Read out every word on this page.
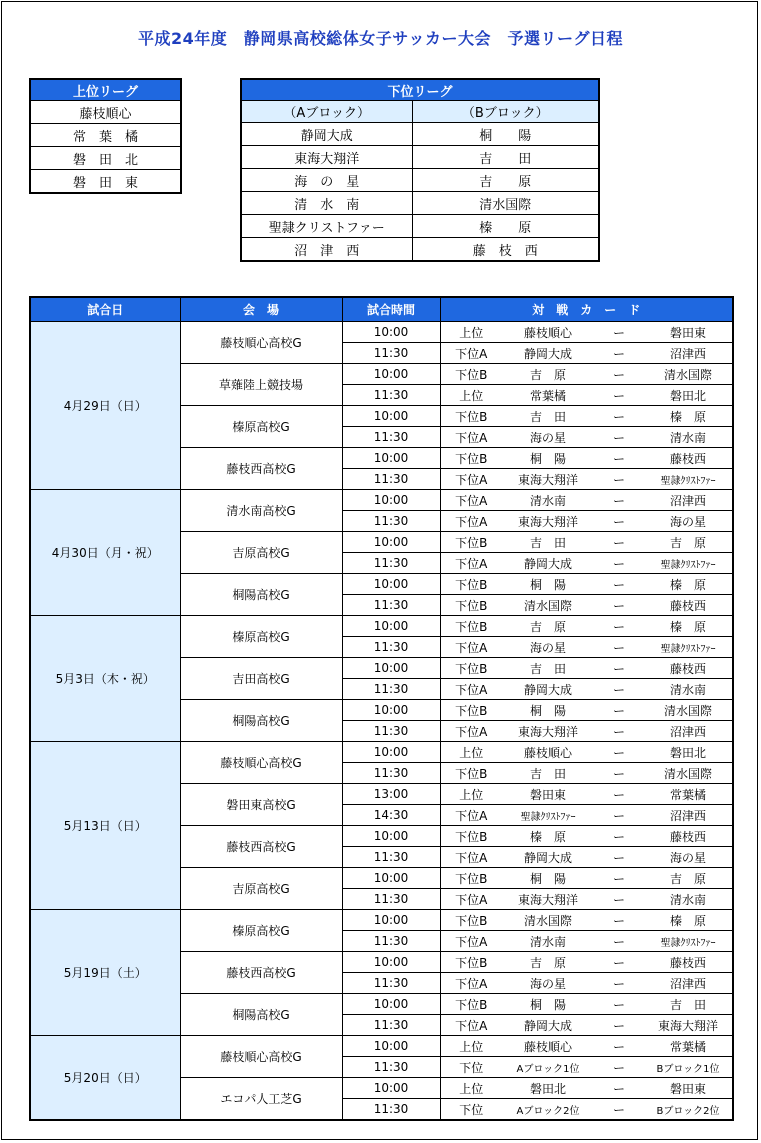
平成24年度　静岡県高校総体女子サッカー大会　予選リーグ日程
上位リーグ
藤枝順心
常　葉　橘
磐　田　北
磐　田　東
下位リーグ	
（Aブロック）	（Bブロック）
静岡大成	桐　　陽
東海大翔洋	吉　　田
海　の　星	吉　　原
清　水　南	清水国際
聖隷クリストファー	榛　　原
沼　津　西	藤　枝　西
試合日	会　場	試合時間	対　戦　カ　ー　ド			
4月29日（日）	藤枝順心高校G	10:00	上位	藤枝順心	ー	磐田東
		11:30	下位A	静岡大成	ー	沼津西
	草薙陸上競技場	10:00	下位B	吉　原	ー	清水国際
		11:30	上位	常葉橘	ー	磐田北
	榛原高校G	10:00	下位B	吉　田	ー	榛　原
		11:30	下位A	海の星	ー	清水南
	藤枝西高校G	10:00	下位B	桐　陽	ー	藤枝西
		11:30	下位A	東海大翔洋	ー	聖隷ｸﾘｽﾄﾌｧｰ
4月30日（月・祝）	清水南高校G	10:00	下位A	清水南	ー	沼津西
		11:30	下位A	東海大翔洋	ー	海の星
	吉原高校G	10:00	下位B	吉　田	ー	吉　原
		11:30	下位A	静岡大成	ー	聖隷ｸﾘｽﾄﾌｧｰ
	桐陽高校G	10:00	下位B	桐　陽	ー	榛　原
		11:30	下位B	清水国際	ー	藤枝西
5月3日（木・祝）	榛原高校G	10:00	下位B	吉　原	ー	榛　原
		11:30	下位A	海の星	ー	聖隷ｸﾘｽﾄﾌｧｰ
	吉田高校G	10:00	下位B	吉　田	ー	藤枝西
		11:30	下位A	静岡大成	ー	清水南
	桐陽高校G	10:00	下位B	桐　陽	ー	清水国際
		11:30	下位A	東海大翔洋	ー	沼津西
5月13日（日）	藤枝順心高校G	10:00	上位	藤枝順心	ー	磐田北
		11:30	下位B	吉　田	ー	清水国際
	磐田東高校G	13:00	上位	磐田東	ー	常葉橘
		14:30	下位A	聖隷ｸﾘｽﾄﾌｧｰ	ー	沼津西
	藤枝西高校G	10:00	下位B	榛　原	ー	藤枝西
		11:30	下位A	静岡大成	ー	海の星
	吉原高校G	10:00	下位B	桐　陽	ー	吉　原
		11:30	下位A	東海大翔洋	ー	清水南
5月19日（土）	榛原高校G	10:00	下位B	清水国際	ー	榛　原
		11:30	下位A	清水南	ー	聖隷ｸﾘｽﾄﾌｧｰ
	藤枝西高校G	10:00	下位B	吉　原	ー	藤枝西
		11:30	下位A	海の星	ー	沼津西
	桐陽高校G	10:00	下位B	桐　陽	ー	吉　田
		11:30	下位A	静岡大成	ー	東海大翔洋
5月20日（日）	藤枝順心高校G	10:00	上位	藤枝順心	ー	常葉橘
		11:30	下位	Aブロック1位	ー	Bブロック1位
	エコパ人工芝G	10:00	上位	磐田北	ー	磐田東
		11:30	下位	Aブロック2位	ー	Bブロック2位
